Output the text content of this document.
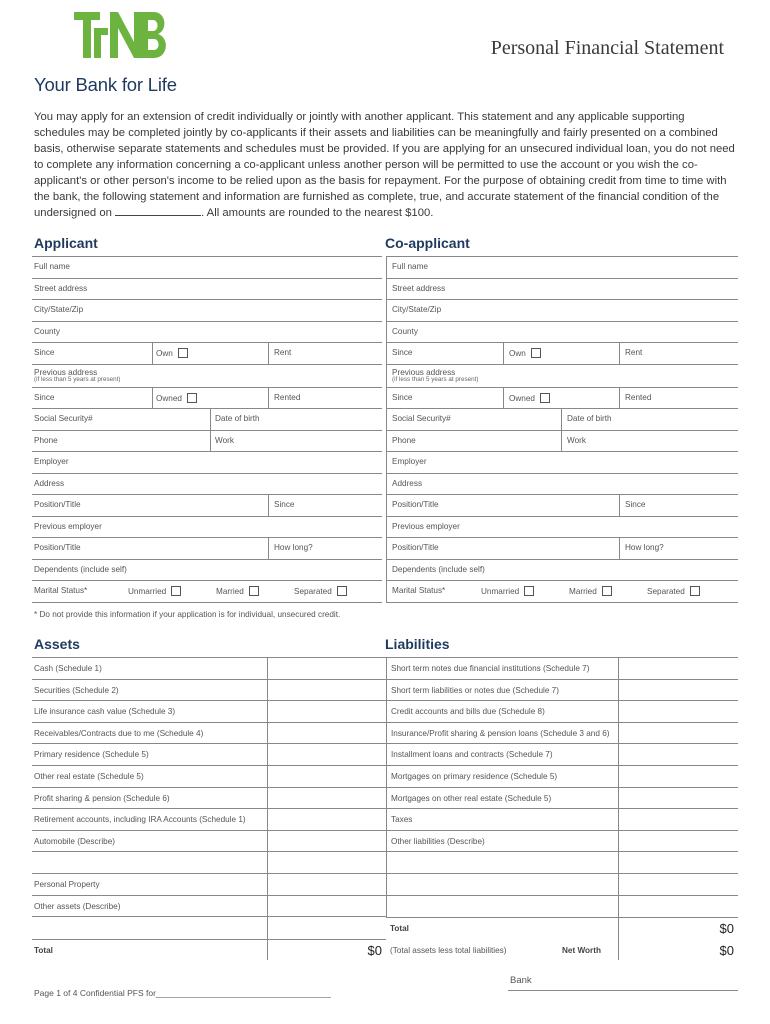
Personal Financial Statement
Your Bank for Life
You may apply for an extension of credit individually or jointly with another applicant. This statement and any applicable supporting schedules may be completed jointly by co-applicants if their assets and liabilities can be meaningfully and fairly presented on a combined basis, otherwise separate statements and schedules must be provided. If you are applying for an unsecured individual loan, you do not need to complete any information concerning a co-applicant unless another person will be permitted to use the account or you wish the co-applicant's or other person's income to be relied upon as the basis for repayment. For the purpose of obtaining credit from time to time with the bank, the following statement and information are furnished as complete, true, and accurate statement of the financial condition of the undersigned on	. All amounts are rounded to the nearest $100.
Applicant	Co-applicant
Full name
Street address
City/State/Zip
County
Since	Own	Rent
Previous address
(if less than 5 years at present)
Since	Owned	Rented
Social Security#	Date of birth
Phone	Work
Employer
Address
Position/Title	Since
Previous employer
Position/Title	How long?
Dependents (include self)
Marital Status*	Unmarried	Married	Separated
Full name
Street address
City/State/Zip
County
Since	Own	Rent
Previous address
(if less than 5 years at present)
Since	Owned	Rented
Social Security#	Date of birth
Phone	Work
Employer
Address
Position/Title	Since
Previous employer
Position/Title	How long?
Dependents (include self)
Marital Status*	Unmarried	Married	Separated
* Do not provide this information if your application is for individual, unsecured credit.
Assets	Liabilities
Cash (Schedule 1)
Securities (Schedule 2)
Life insurance cash value (Schedule 3)
Receivables/Contracts due to me (Schedule 4)
Primary residence (Schedule 5)
Other real estate (Schedule 5)
Profit sharing & pension (Schedule 6)
Retirement accounts, including IRA Accounts (Schedule 1)
Automobile (Describe)
Personal Property
Other assets (Describe)
Total	$0
Short term notes due financial institutions (Schedule 7)
Short term liabilities or notes due (Schedule 7)
Credit accounts and bills due (Schedule 8)
Insurance/Profit sharing & pension loans (Schedule 3 and 6)
Installment loans and contracts (Schedule 7)
Mortgages on primary residence (Schedule 5)
Mortgages on other real estate (Schedule 5)
Taxes
Other liabilities (Describe)
Total	$0
(Total assets less total liabilities)	Net Worth	$0
Page 1 of 4 Confidential PFS for_____________________________________
Bank
